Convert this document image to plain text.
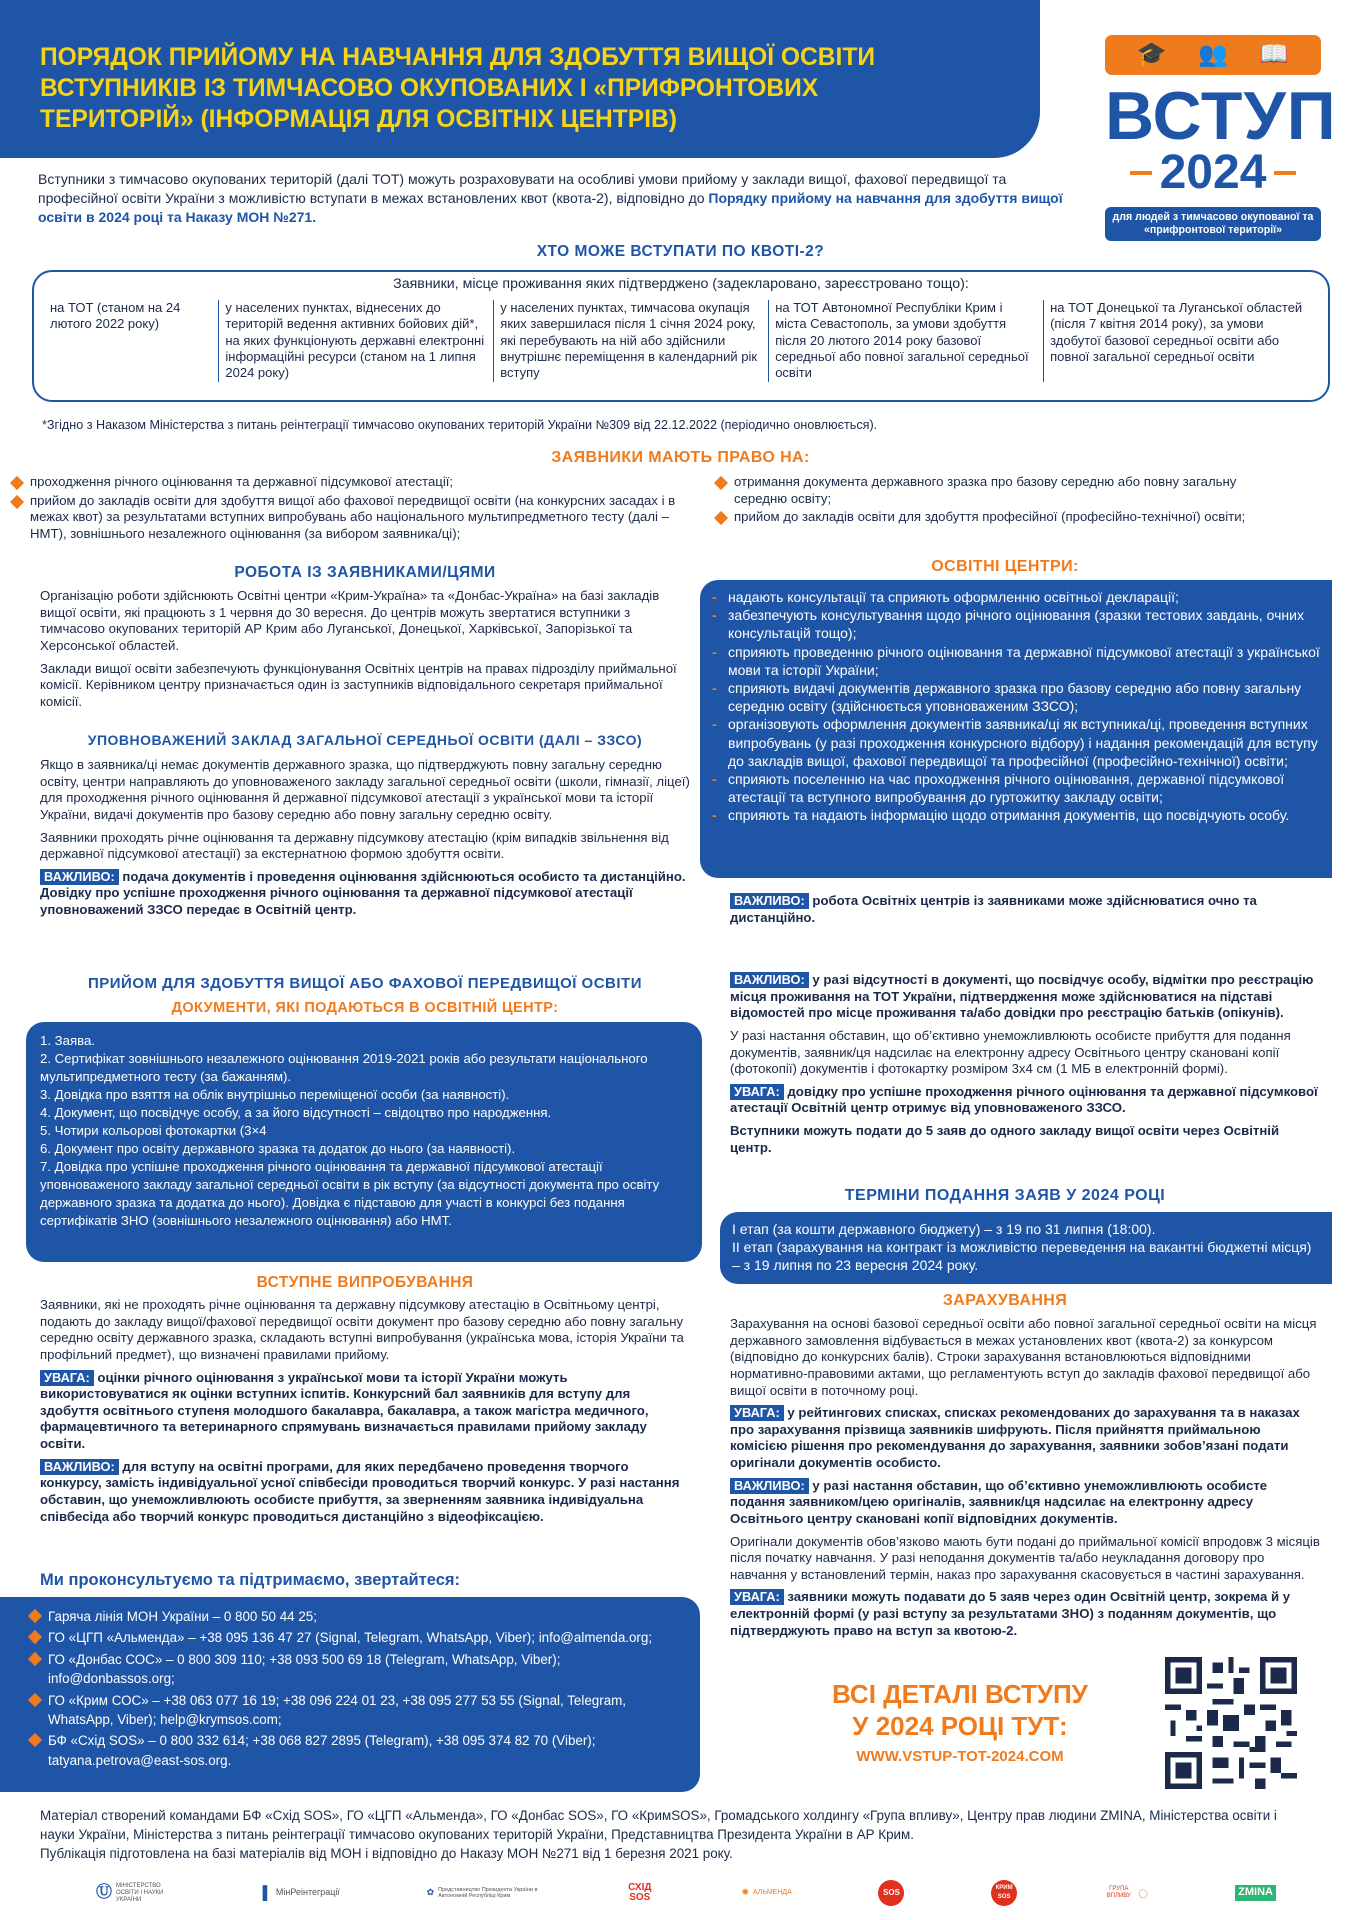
ПОРЯДОК ПРИЙОМУ НА НАВЧАННЯ ДЛЯ ЗДОБУТТЯ ВИЩОЇ ОСВІТИ
ВСТУПНИКІВ ІЗ ТИМЧАСОВО ОКУПОВАНИХ І «ПРИФРОНТОВИХ
ТЕРИТОРІЙ» (ІНФОРМАЦІЯ ДЛЯ ОСВІТНІХ ЦЕНТРІВ)
🎓 👥 📖
ВСТУП
2024
для людей з тимчасово окупованої та «прифронтової території»
Вступники з тимчасово окупованих територій (далі ТОТ) можуть розраховувати на особливі умови прийому у заклади вищої, фахової передвищої та професійної освіти України з можливістю вступати в межах встановлених квот (квота-2), відповідно до Порядку прийому на навчання для здобуття вищої освіти в 2024 році та Наказу МОН №271.
ХТО МОЖЕ ВСТУПАТИ ПО КВОТІ-2?
Заявники, місце проживання яких підтверджено (задекларовано, зареєстровано тощо):
на ТОТ (станом на 24 лютого 2022 року)
у населених пунктах, віднесених до територій ведення активних бойових дій*, на яких функціонують державні електронні інформаційні ресурси (станом на 1 липня 2024 року)
у населених пунктах, тимчасова окупація яких завершилася після 1 січня 2024 року, які перебувають на ній або здійснили внутрішнє переміщення в календарний рік вступу
на ТОТ Автономної Республіки Крим і міста Севастополь, за умови здобуття після 20 лютого 2014 року базової середньої або повної загальної середньої освіти
на ТОТ Донецької та Луганської областей (після 7 квітня 2014 року), за умови здобутої базової середньої освіти або повної загальної середньої освіти
*Згідно з Наказом Міністерства з питань реінтеграції тимчасово окупованих територій України №309 від 22.12.2022 (періодично оновлюється).
ЗАЯВНИКИ МАЮТЬ ПРАВО НА:
проходження річного оцінювання та державної підсумкової атестації;
прийом до закладів освіти для здобуття вищої або фахової передвищої освіти (на конкурсних засадах і в межах квот) за результатами вступних випробувань або національного мультипредметного тесту (далі – НМТ), зовнішнього незалежного оцінювання (за вибором заявника/ці);
отримання документа державного зразка про базову середню або повну загальну середню освіту;
прийом до закладів освіти для здобуття професійної (професійно-технічної) освіти;
РОБОТА ІЗ ЗАЯВНИКАМИ/ЦЯМИ

Організацію роботи здійснюють Освітні центри «Крим-Україна» та «Донбас-Україна» на базі закладів вищої освіти, які працюють з 1 червня до 30 вересня. До центрів можуть звертатися вступники з тимчасово окупованих територій АР Крим або Луганської, Донецької, Харківської, Запорізької та Херсонської областей.

Заклади вищої освіти забезпечують функціонування Освітніх центрів на правах підрозділу приймальної комісії. Керівником центру призначається один із заступників відповідального секретаря приймальної комісії.

УПОВНОВАЖЕНИЙ ЗАКЛАД ЗАГАЛЬНОЇ СЕРЕДНЬОЇ ОСВІТИ (ДАЛІ – ЗЗСО)

Якщо в заявника/ці немає документів державного зразка, що підтверджують повну загальну середню освіту, центри направляють до уповноваженого закладу загальної середньої освіти (школи, гімназії, ліцеї) для проходження річного оцінювання й державної підсумкової атестації з української мови та історії України, видачі документів про базову середню або повну загальну середню освіту.

Заявники проходять річне оцінювання та державну підсумкову атестацію (крім випадків звільнення від державної підсумкової атестації) за екстернатною формою здобуття освіти.

ВАЖЛИВО: подача документів і проведення оцінювання здійснюються особисто та дистанційно. Довідку про успішне проходження річного оцінювання та державної підсумкової атестації уповноважений ЗЗСО передає в Освітній центр.

ПРИЙОМ ДЛЯ ЗДОБУТТЯ ВИЩОЇ АБО ФАХОВОЇ ПЕРЕДВИЩОЇ ОСВІТИ
ДОКУМЕНТИ, ЯКІ ПОДАЮТЬСЯ В ОСВІТНІЙ ЦЕНТР:
1. Заява.
2. Сертифікат зовнішнього незалежного оцінювання 2019-2021 років або результати національного мультипредметного тесту (за бажанням).
3. Довідка про взяття на облік внутрішньо переміщеної особи (за наявності).
4. Документ, що посвідчує особу, а за його відсутності – свідоцтво про народження.
5. Чотири кольорові фотокартки (3×4
6. Документ про освіту державного зразка та додаток до нього (за наявності).
7. Довідка про успішне проходження річного оцінювання та державної підсумкової атестації уповноваженого закладу загальної середньої освіти в рік вступу (за відсутності документа про освіту державного зразка та додатка до нього). Довідка є підставою для участі в конкурсі без подання сертифікатів ЗНО (зовнішнього незалежного оцінювання) або НМТ.
ВСТУПНЕ ВИПРОБУВАННЯ

Заявники, які не проходять річне оцінювання та державну підсумкову атестацію в Освітньому центрі, подають до закладу вищої/фахової передвищої освіти документ про базову середню або повну загальну середню освіту державного зразка, складають вступні випробування (українська мова, історія України та профільний предмет), що визначені правилами прийому.

УВАГА: оцінки річного оцінювання з української мови та історії України можуть використовуватися як оцінки вступних іспитів. Конкурсний бал заявників для вступу для здобуття освітнього ступеня молодшого бакалавра, бакалавра, а також магістра медичного, фармацевтичного та ветеринарного спрямувань визначається правилами прийому закладу освіти.

ВАЖЛИВО: для вступу на освітні програми, для яких передбачено проведення творчого конкурсу, замість індивідуальної усної співбесіди проводиться творчий конкурс. У разі настання обставин, що унеможливлюють особисте прибуття, за зверненням заявника індивідуальна співбесіда або творчий конкурс проводиться дистанційно з відеофіксацією.

Ми проконсультуємо та підтримаємо, звертайтеся:
Гаряча лінія МОН України – 0 800 50 44 25;
ГО «ЦГП «Альменда» – +38 095 136 47 27 (Signal, Telegram, WhatsApp, Viber); info@almenda.org;
ГО «Донбас СОС» – 0 800 309 110; +38 093 500 69 18 (Telegram, WhatsApp, Viber); info@donbassos.org;
ГО «Крим СОС» – +38 063 077 16 19; +38 096 224 01 23, +38 095 277 53 55 (Signal, Telegram, WhatsApp, Viber); help@krymsos.com;
БФ «Схід SOS» – 0 800 332 614; +38 068 827 2895 (Telegram), +38 095 374 82 70 (Viber); tatyana.petrova@east-sos.org.
ОСВІТНІ ЦЕНТРИ:
- надають консультації та сприяють оформленню освітньої декларації;
- забезпечують консультування щодо річного оцінювання (зразки тестових завдань, очних консультацій тощо);
- сприяють проведенню річного оцінювання та державної підсумкової атестації з української мови та історії України;
- сприяють видачі документів державного зразка про базову середню або повну загальну середню освіту (здійснюється уповноваженим ЗЗСО);
- організовують оформлення документів заявника/ці як вступника/ці, проведення вступних випробувань (у разі проходження конкурсного відбору) і надання рекомендацій для вступу до закладів вищої, фахової передвищої та професійної (професійно-технічної) освіти;
- сприяють поселенню на час проходження річного оцінювання, державної підсумкової атестації та вступного випробування до гуртожитку закладу освіти;
- сприяють та надають інформацію щодо отримання документів, що посвідчують особу.
ВАЖЛИВО: робота Освітніх центрів із заявниками може здійснюватися очно та дистанційно.

ВАЖЛИВО: у разі відсутності в документі, що посвідчує особу, відмітки про реєстрацію місця проживання на ТОТ України, підтвердження може здійснюватися на підставі відомостей про місце проживання та/або довідки про реєстрацію батьків (опікунів).

У разі настання обставин, що об’єктивно унеможливлюють особисте прибуття для подання документів, заявник/ця надсилає на електронну адресу Освітнього центру скановані копії (фотокопії) документів і фотокартку розміром 3х4 см (1 МБ в електронній формі).

УВАГА: довідку про успішне проходження річного оцінювання та державної підсумкової атестації Освітній центр отримує від уповноваженого ЗЗСО.

Вступники можуть подати до 5 заяв до одного закладу вищої освіти через Освітній центр.

ТЕРМІНИ ПОДАННЯ ЗАЯВ У 2024 РОЦІ
І етап (за кошти державного бюджету) – з 19 по 31 липня (18:00).
ІІ етап (зарахування на контракт із можливістю переведення на вакантні бюджетні місця) – з 19 липня по 23 вересня 2024 року.
ЗАРАХУВАННЯ

Зарахування на основі базової середньої освіти або повної загальної середньої освіти на місця державного замовлення відбувається в межах установлених квот (квота-2) за конкурсом (відповідно до конкурсних балів). Строки зарахування встановлюються відповідними нормативно-правовими актами, що регламентують вступ до закладів фахової передвищої або вищої освіти в поточному році.

УВАГА: у рейтингових списках, списках рекомендованих до зарахування та в наказах про зарахування прізвища заявників шифрують. Після прийняття приймальною комісією рішення про рекомендування до зарахування, заявники зобов’язані подати оригінали документів особисто.

ВАЖЛИВО: у разі настання обставин, що об’єктивно унеможливлюють особисте подання заявником/цею оригіналів, заявник/ця надсилає на електронну адресу Освітнього центру скановані копії відповідних документів.

Оригінали документів обов’язково мають бути подані до приймальної комісії впродовж 3 місяців після початку навчання. У разі неподання документів та/або неукладання договору про навчання у встановлений термін, наказ про зарахування скасовується в частині зарахування.

УВАГА: заявники можуть подавати до 5 заяв через один Освітній центр, зокрема й у електронній формі (у разі вступу за результатами ЗНО) з поданням документів, що підтверджують право на вступ за квотою-2.

ВСІ ДЕТАЛІ ВСТУПУ
У 2024 РОЦІ ТУТ:
WWW.VSTUP-TOT-2024.COM
Матеріал створений командами БФ «Схід SOS», ГО «ЦГП «Альменда», ГО «Донбас SOS», ГО «КримSOS», Громадського холдингу «Група впливу», Центру прав людини ZMINA, Міністерства освіти і науки України, Міністерства з питань реінтеграції тимчасово окупованих територій України, Представництва Президента України в АР Крим.
Публікація підготовлена на базі матеріалів від МОН і відповідно до Наказу МОН №271 від 1 березня 2021 року.
Ⓤ МІНІСТЕРСТВО ОСВІТИ І НАУКИ УКРАЇНИ	▌ МінРеінтеграції	✿ Представництво Президента України в Автономній Республіці Крим
СХІД SOS	✺ АЛЬМЕНДА	SOS	КРИМ SOS
ГРУПА ВПЛИВУ ◌	ZMINA
